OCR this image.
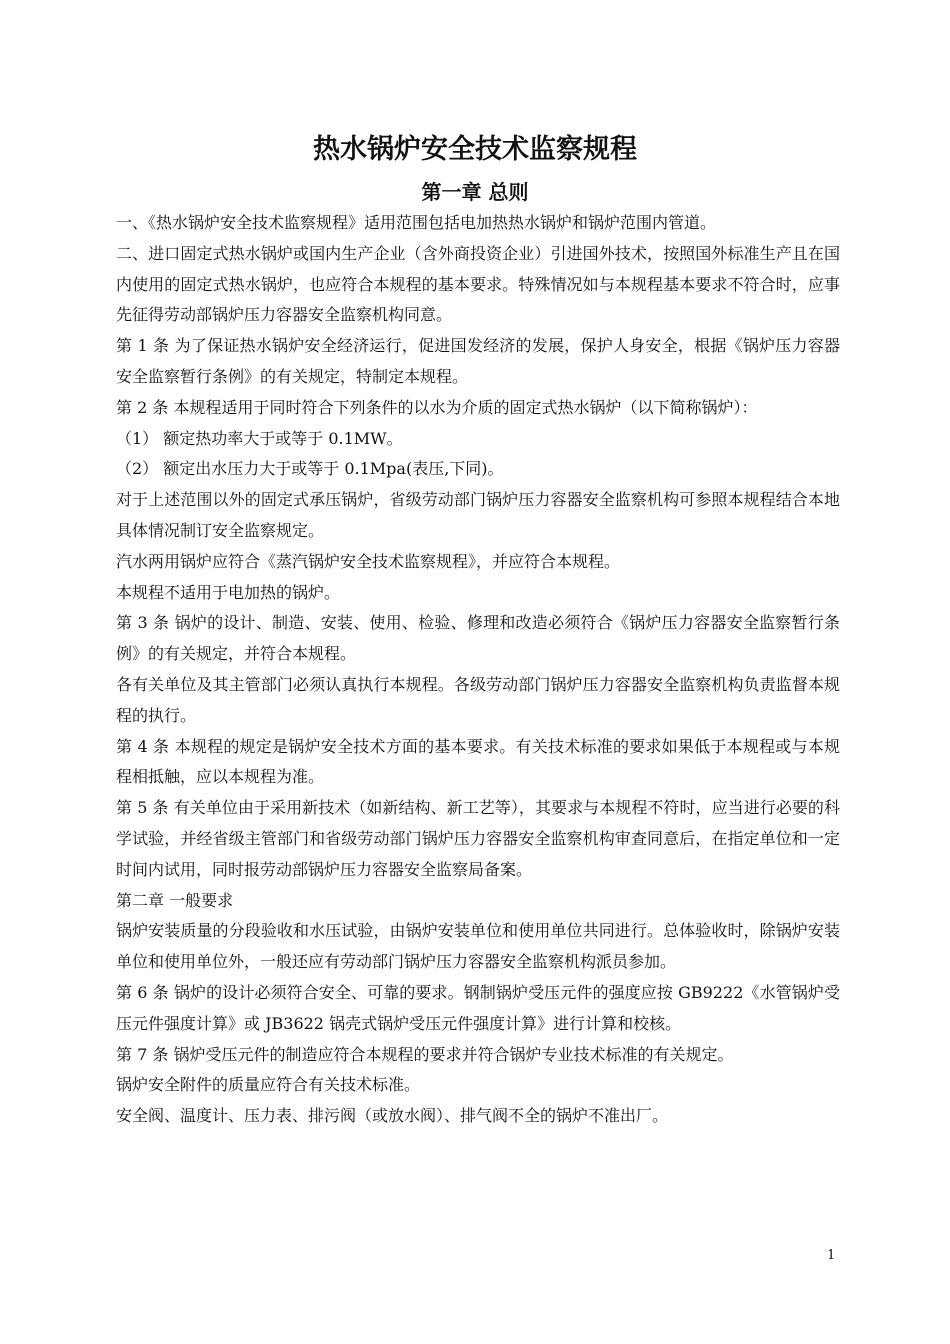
热水锅炉安全技术监察规程
第一章 总则

一、《热水锅炉安全技术监察规程》适用范围包括电加热热水锅炉和锅炉范围内管道。

二、进口固定式热水锅炉或国内生产企业（含外商投资企业）引进国外技术，按照国外标准生产且在国内使用的固定式热水锅炉，也应符合本规程的基本要求。特殊情况如与本规程基本要求不符合时，应事先征得劳动部锅炉压力容器安全监察机构同意。

第 1 条 为了保证热水锅炉安全经济运行，促进国发经济的发展，保护人身安全，根据《锅炉压力容器安全监察暂行条例》的有关规定，特制定本规程。

第 2 条 本规程适用于同时符合下列条件的以水为介质的固定式热水锅炉（以下简称锅炉）：

（1） 额定热功率大于或等于 0.1MW。

（2） 额定出水压力大于或等于 0.1Mpa(表压,下同)。

对于上述范围以外的固定式承压锅炉，省级劳动部门锅炉压力容器安全监察机构可参照本规程结合本地具体情况制订安全监察规定。

汽水两用锅炉应符合《蒸汽锅炉安全技术监察规程》，并应符合本规程。

本规程不适用于电加热的锅炉。

第 3 条 锅炉的设计、制造、安装、使用、检验、修理和改造必须符合《锅炉压力容器安全监察暂行条例》的有关规定，并符合本规程。

各有关单位及其主管部门必须认真执行本规程。各级劳动部门锅炉压力容器安全监察机构负责监督本规程的执行。

第 4 条 本规程的规定是锅炉安全技术方面的基本要求。有关技术标准的要求如果低于本规程或与本规程相抵触，应以本规程为准。

第 5 条 有关单位由于采用新技术（如新结构、新工艺等），其要求与本规程不符时，应当进行必要的科学试验，并经省级主管部门和省级劳动部门锅炉压力容器安全监察机构审查同意后，在指定单位和一定时间内试用，同时报劳动部锅炉压力容器安全监察局备案。

第二章 一般要求

锅炉安装质量的分段验收和水压试验，由锅炉安装单位和使用单位共同进行。总体验收时，除锅炉安装单位和使用单位外，一般还应有劳动部门锅炉压力容器安全监察机构派员参加。

第 6 条 锅炉的设计必须符合安全、可靠的要求。钢制锅炉受压元件的强度应按 GB9222《水管锅炉受压元件强度计算》或 JB3622 锅壳式锅炉受压元件强度计算》进行计算和校核。

第 7 条 锅炉受压元件的制造应符合本规程的要求并符合锅炉专业技术标准的有关规定。

锅炉安全附件的质量应符合有关技术标准。

安全阀、温度计、压力表、排污阀（或放水阀）、排气阀不全的锅炉不准出厂。

1
